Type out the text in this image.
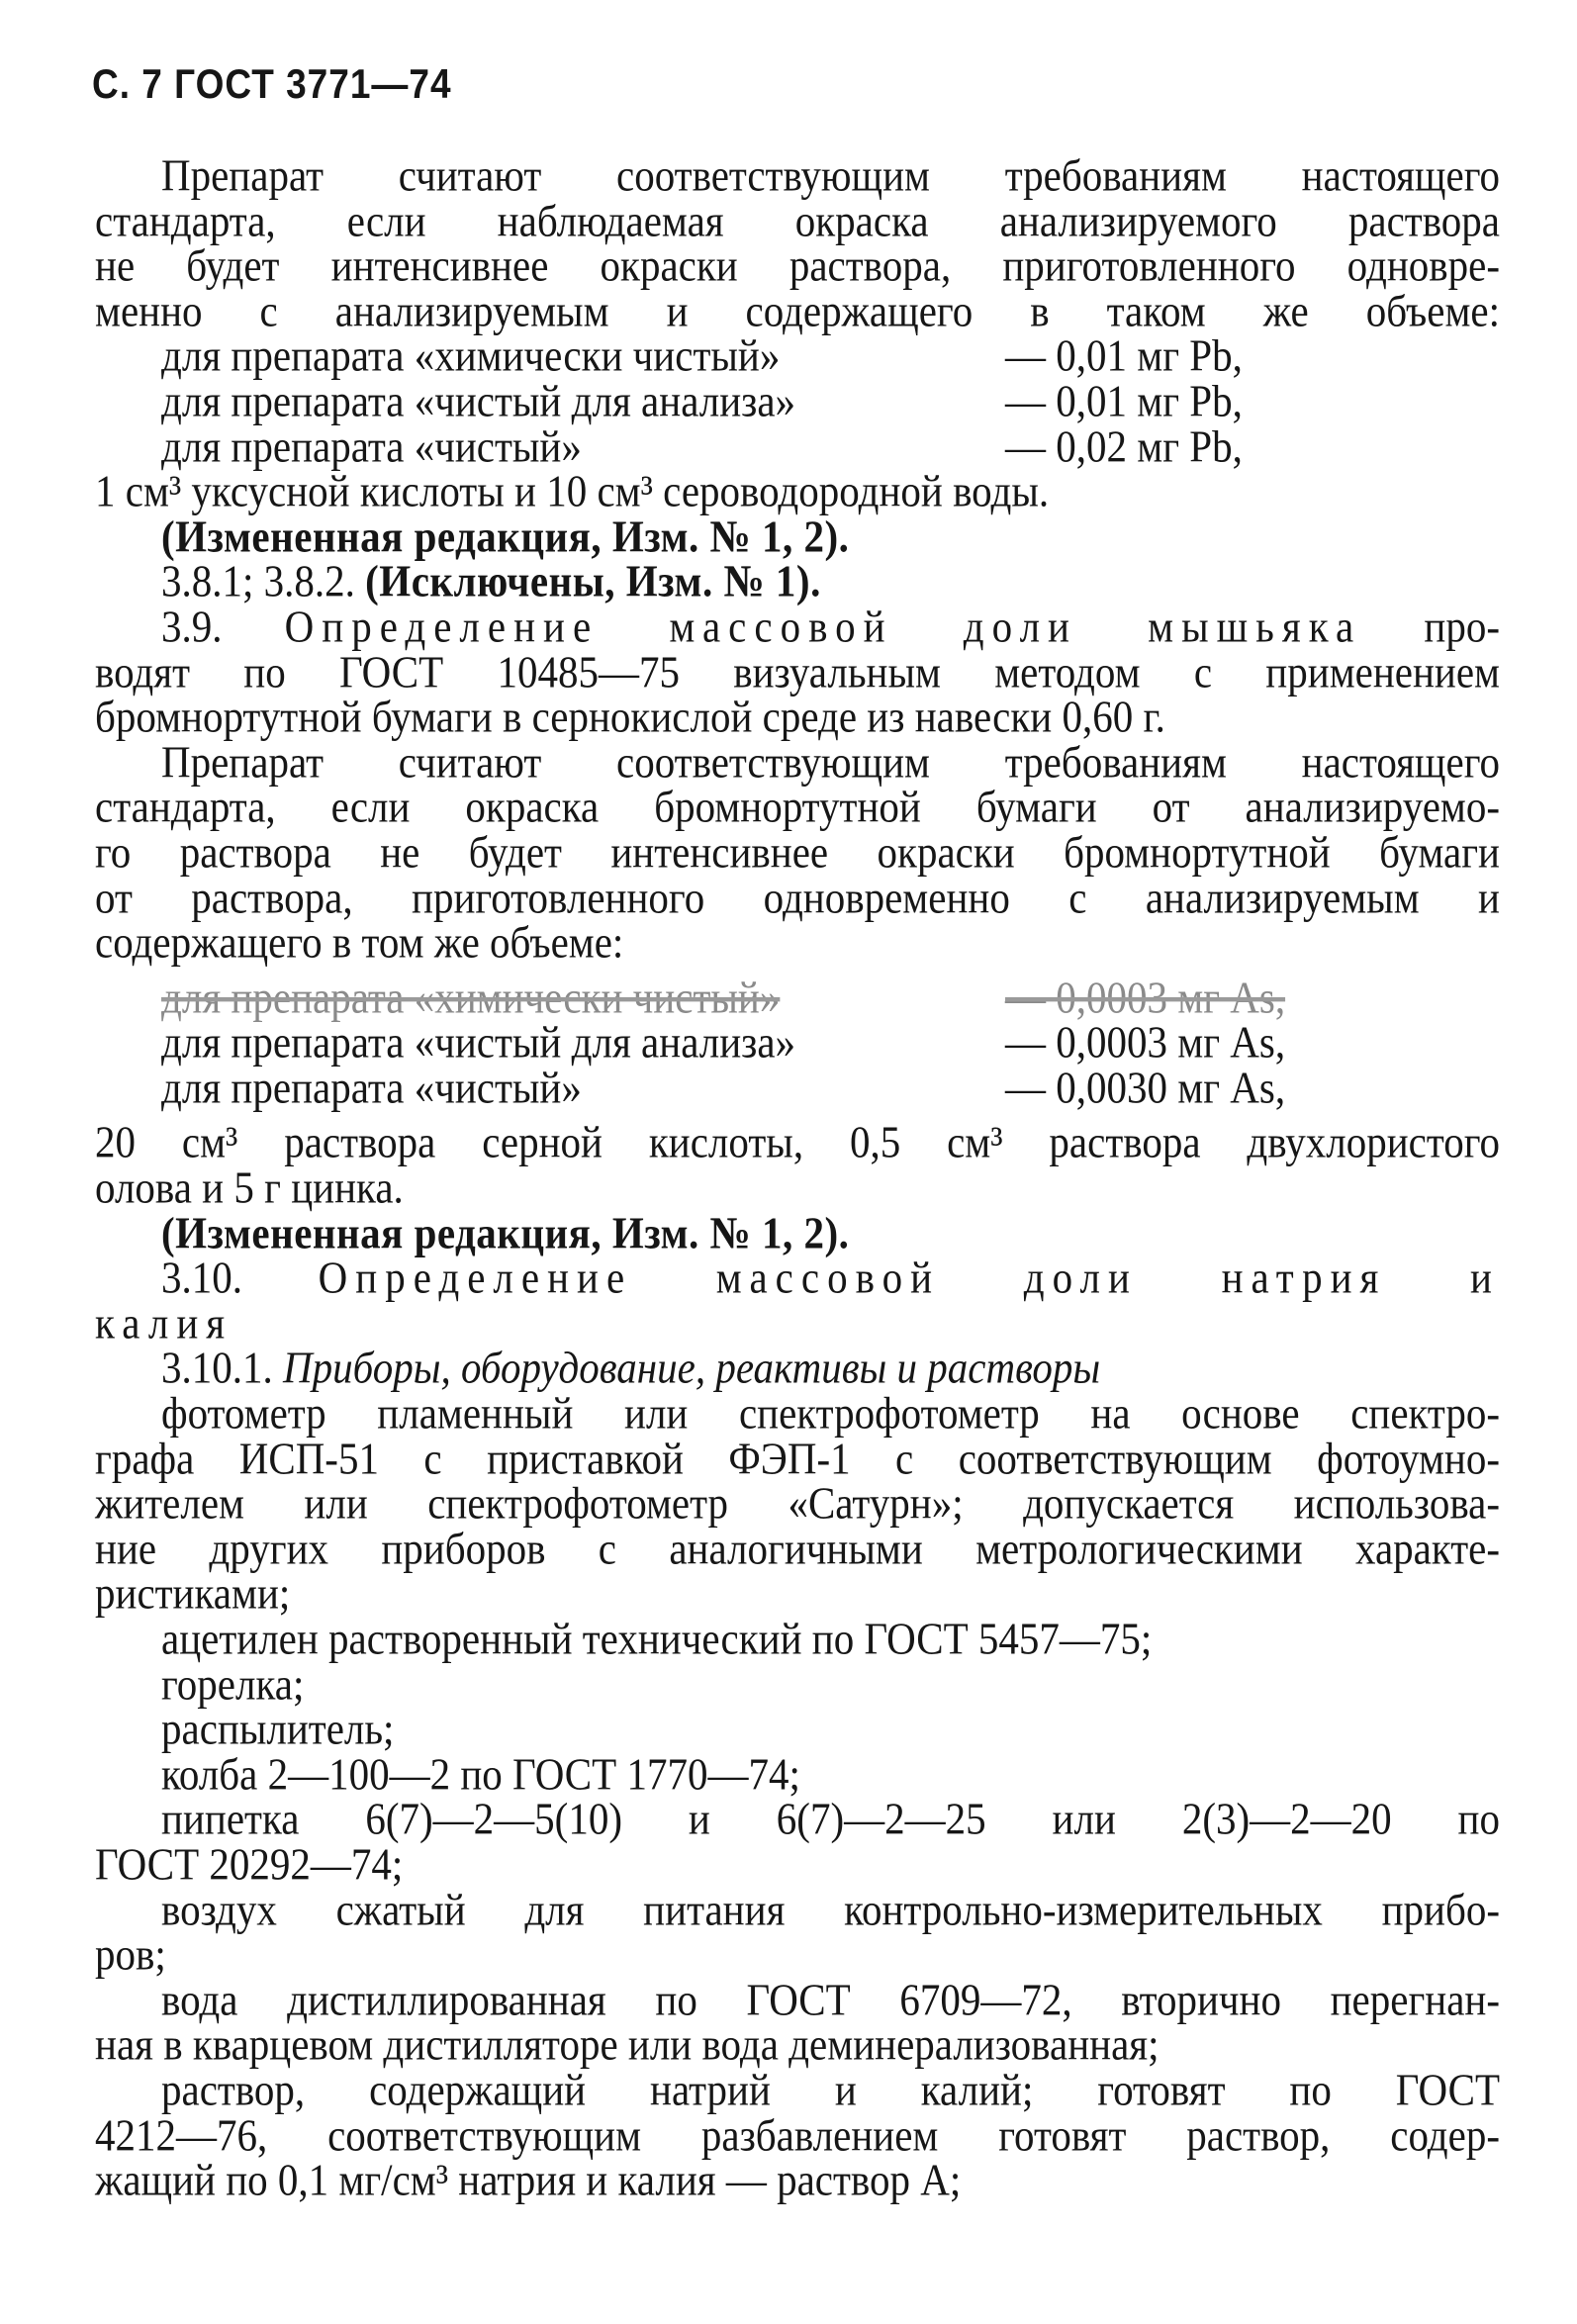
С. 7 ГОСТ 3771—74
Препарат считают соответствующим требованиям настоящего
стандарта, если наблюдаемая окраска анализируемого раствора
не будет интенсивнее окраски раствора, приготовленного одновре-
менно с анализируемым и содержащего в таком же объеме:
для препарата «химически чистый»	— 0,01 мг Pb,
для препарата «чистый для анализа»	— 0,01 мг Pb,
для препарата «чистый»	— 0,02 мг Pb,
1 см³ уксусной кислоты и 10 см³ сероводородной воды.
(Измененная редакция, Изм. № 1, 2).
3.8.1; 3.8.2. (Исключены, Изм. № 1).
3.9. Определение массовой доли мышьяка про-
водят по ГОСТ 10485—75 визуальным методом с применением
бромнортутной бумаги в сернокислой среде из навески 0,60 г.
Препарат считают соответствующим требованиям настоящего
стандарта, если окраска бромнортутной бумаги от анализируемо-
го раствора не будет интенсивнее окраски бромнортутной бумаги
от раствора, приготовленного одновременно с анализируемым и
содержащего в том же объеме:
для препарата «химически чистый»	— 0,0003 мг As,
для препарата «чистый для анализа»	— 0,0003 мг As,
для препарата «чистый»	— 0,0030 мг As,
20 см³ раствора серной кислоты, 0,5 см³ раствора двухлористого
олова и 5 г цинка.
(Измененная редакция, Изм. № 1, 2).
3.10. Определение массовой доли натрия и
калия
3.10.1. Приборы, оборудование, реактивы и растворы
фотометр пламенный или спектрофотометр на основе спектро-
графа ИСП-51 с приставкой ФЭП-1 с соответствующим фотоумно-
жителем или спектрофотометр «Сатурн»; допускается использова-
ние других приборов с аналогичными метрологическими характе-
ристиками;
ацетилен растворенный технический по ГОСТ 5457—75;
горелка;
распылитель;
колба 2—100—2 по ГОСТ 1770—74;
пипетка 6(7)—2—5(10) и 6(7)—2—25 или 2(3)—2—20 по
ГОСТ 20292—74;
воздух сжатый для питания контрольно-измерительных прибо-
ров;
вода дистиллированная по ГОСТ 6709—72, вторично перегнан-
ная в кварцевом дистилляторе или вода деминерализованная;
раствор, содержащий натрий и калий; готовят по ГОСТ
4212—76, соответствующим разбавлением готовят раствор, содер-
жащий по 0,1 мг/см³ натрия и калия — раствор А;
